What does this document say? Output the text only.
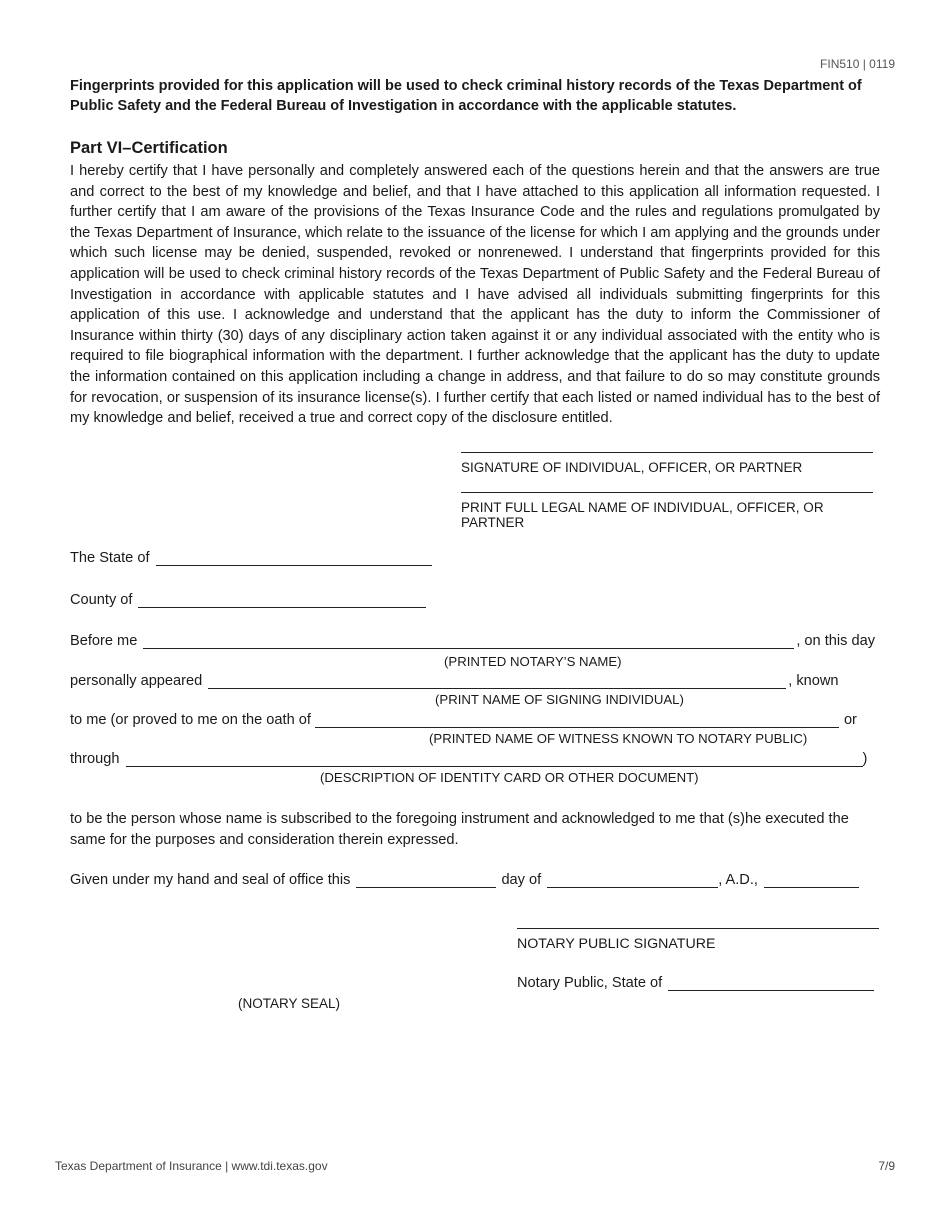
FIN510 | 0119
Fingerprints provided for this application will be used to check criminal history records of the Texas Department of Public Safety and the Federal Bureau of Investigation in accordance with the applicable statutes.
Part VI–Certification
I hereby certify that I have personally and completely answered each of the questions herein and that the answers are true and correct to the best of my knowledge and belief, and that I have attached to this application all information requested. I further certify that I am aware of the provisions of the Texas Insurance Code and the rules and regulations promulgated by the Texas Department of Insurance, which relate to the issuance of the license for which I am applying and the grounds under which such license may be denied, suspended, revoked or nonrenewed. I understand that fingerprints provided for this application will be used to check criminal history records of the Texas Department of Public Safety and the Federal Bureau of Investigation in accordance with applicable statutes and I have advised all individuals submitting fingerprints for this application of this use. I acknowledge and understand that the applicant has the duty to inform the Commissioner of Insurance within thirty (30) days of any disciplinary action taken against it or any individual associated with the entity who is required to file biographical information with the department. I further acknowledge that the applicant has the duty to update the information contained on this application including a change in address, and that failure to do so may constitute grounds for revocation, or suspension of its insurance license(s). I further certify that each listed or named individual has to the best of my knowledge and belief, received a true and correct copy of the disclosure entitled.
SIGNATURE OF INDIVIDUAL, OFFICER, OR PARTNER
PRINT FULL LEGAL NAME OF INDIVIDUAL, OFFICER, OR PARTNER
The State of
County of
Before me	, on this day
(PRINTED NOTARY’S NAME)
personally appeared	, known
(PRINT NAME OF SIGNING INDIVIDUAL)
to me (or proved to me on the oath of	or
(PRINTED NAME OF WITNESS KNOWN TO NOTARY PUBLIC)
through	)
(DESCRIPTION OF IDENTITY CARD OR OTHER DOCUMENT)
to be the person whose name is subscribed to the foregoing instrument and acknowledged to me that (s)he executed the same for the purposes and consideration therein expressed.
Given under my hand and seal of office this	day of	, A.D.,
NOTARY PUBLIC SIGNATURE
Notary Public, State of
(NOTARY SEAL)
Texas Department of Insurance | www.tdi.texas.gov	7/9
